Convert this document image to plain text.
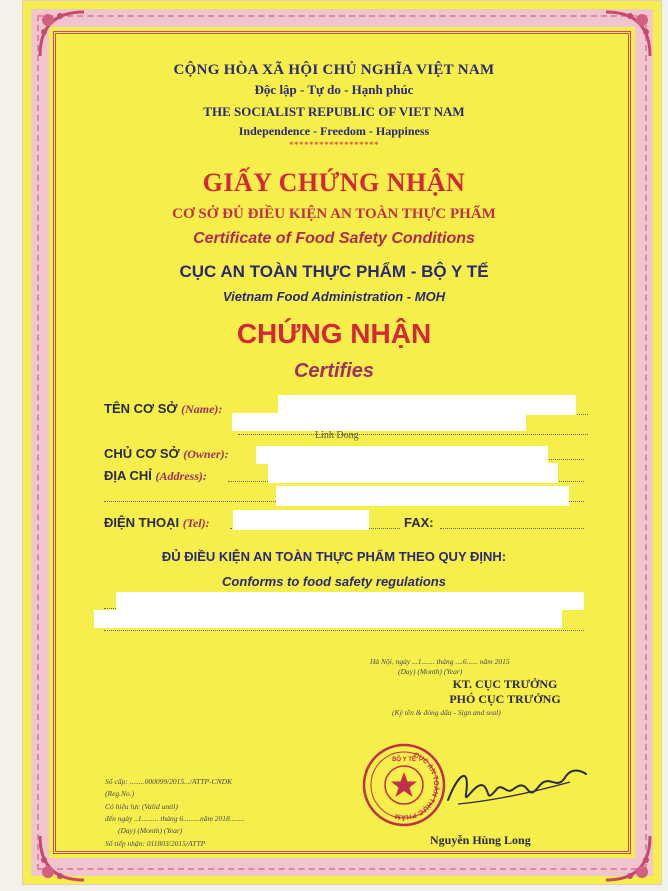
CỘNG HÒA XÃ HỘI CHỦ NGHĨA VIỆT NAM
Độc lập - Tự do - Hạnh phúc
THE SOCIALIST REPUBLIC OF VIET NAM
Independence - Freedom - Happiness
******************
GIẤY CHỨNG NHẬN
CƠ SỞ ĐỦ ĐIỀU KIỆN AN TOÀN THỰC PHẨM
Certificate of Food Safety Conditions
CỤC AN TOÀN THỰC PHẨM - BỘ Y TẾ
Vietnam Food Administration - MOH
CHỨNG NHẬN
Certifies
TÊN CƠ SỞ (Name):
Linh Dong
CHỦ CƠ SỞ (Owner):
ĐỊA CHỈ (Address):
ĐIỆN THOẠI (Tel):	FAX:
ĐỦ ĐIỀU KIỆN AN TOÀN THỰC PHẨM THEO QUY ĐỊNH:
Conforms to food safety regulations
Hà Nội, ngày ...1....... tháng ....6...... năm 2015
(Day) (Month) (Year)
KT. CỤC TRƯỞNG
PHÓ CỤC TRƯỞNG
(Ký tên & đóng dấu - Sign and seal)
CỤC AN TOÀN THỰC PHẨM
BỘ Y TẾ
Nguyễn Hùng Long
Số cấp: ........000099/2015.../ATTP-CNDK
(Reg.No.)
Có hiệu lực (Valid until)
đến ngày ..1......... tháng 6.........năm 2018........
(Day) (Month) (Year)
Số tiếp nhận: 011803/2015/ATTP
